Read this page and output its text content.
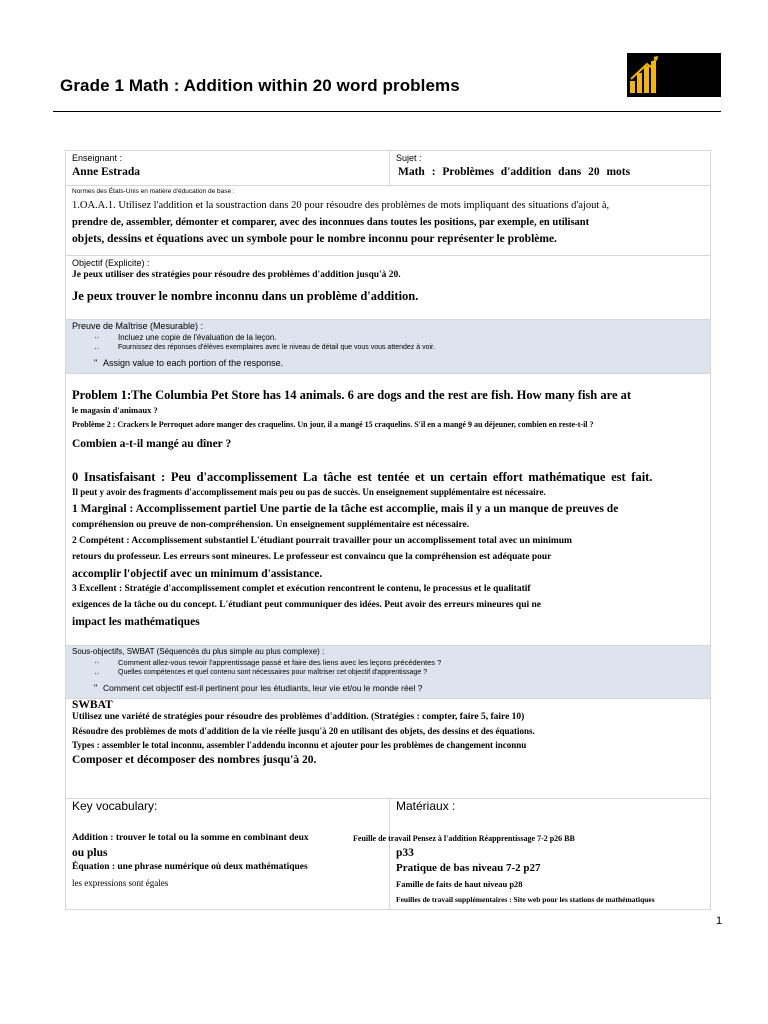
Grade 1 Math : Addition within 20 word problems
Enseignant :
Anne Estrada
Sujet :
Math : Problèmes d'addition dans 20 mots
Normes des États-Unis en matière d'éducation de base :
1.OA.A.1. Utilisez l'addition et la soustraction dans 20 pour résoudre des problèmes de mots impliquant des situations d'ajout à,
prendre de, assembler, démonter et comparer, avec des inconnues dans toutes les positions, par exemple, en utilisant
objets, dessins et équations avec un symbole pour le nombre inconnu pour représenter le problème.
Objectif (Explicite) :
Je peux utiliser des stratégies pour résoudre des problèmes d'addition jusqu'à 20.
Je peux trouver le nombre inconnu dans un problème d'addition.
Preuve de Maîtrise (Mesurable) :
·· Incluez une copie de l'évaluation de la leçon.
··	Fournissez des réponses d'élèves exemplaires avec le niveau de détail que vous vous attendez à voir.
" Assign value to each portion of the response.
Problem 1:The Columbia Pet Store has 14 animals. 6 are dogs and the rest are fish. How many fish are at
le magasin d'animaux ?
Problème 2 : Crackers le Perroquet adore manger des craquelins. Un jour, il a mangé 15 craquelins. S'il en a mangé 9 au déjeuner, combien en reste-t-il ?
Combien a-t-il mangé au dîner ?
0 Insatisfaisant : Peu d'accomplissement La tâche est tentée et un certain effort mathématique est fait.
Il peut y avoir des fragments d'accomplissement mais peu ou pas de succès. Un enseignement supplémentaire est nécessaire.
1 Marginal : Accomplissement partiel Une partie de la tâche est accomplie, mais il y a un manque de preuves de
compréhension ou preuve de non-compréhension. Un enseignement supplémentaire est nécessaire.
2 Compétent : Accomplissement substantiel L'étudiant pourrait travailler pour un accomplissement total avec un minimum
retours du professeur. Les erreurs sont mineures. Le professeur est convaincu que la compréhension est adéquate pour
accomplir l'objectif avec un minimum d'assistance.
3 Excellent : Stratégie d'accomplissement complet et exécution rencontrent le contenu, le processus et le qualitatif
exigences de la tâche ou du concept. L'étudiant peut communiquer des idées. Peut avoir des erreurs mineures qui ne
impact les mathématiques
Sous-objectifs, SWBAT (Séquencés du plus simple au plus complexe) :
·· Comment allez-vous revoir l'apprentissage passé et faire des liens avec les leçons précédentes ?
··	Quelles compétences et quel contenu sont nécessaires pour maîtriser cet objectif d'apprentissage ?
" Comment cet objectif est-il pertinent pour les étudiants, leur vie et/ou le monde réel ?
SWBAT
Utilisez une variété de stratégies pour résoudre des problèmes d'addition. (Stratégies : compter, faire 5, faire 10)
Résoudre des problèmes de mots d'addition de la vie réelle jusqu'à 20 en utilisant des objets, des dessins et des équations.
Types : assembler le total inconnu, assembler l'addendu inconnu et ajouter pour les problèmes de changement inconnu
Composer et décomposer des nombres jusqu'à 20.
Key vocabulary:
Addition : trouver le total ou la somme en combinant deux
ou plus
Équation : une phrase numérique où deux mathématiques
les expressions sont égales
Matériaux :
Feuille de travail Pensez à l'addition Réapprentissage 7-2 p26 BB
p33
Pratique de bas niveau 7-2 p27
Famille de faits de haut niveau p28
Feuilles de travail supplémentaires : Site web pour les stations de mathématiques
1
